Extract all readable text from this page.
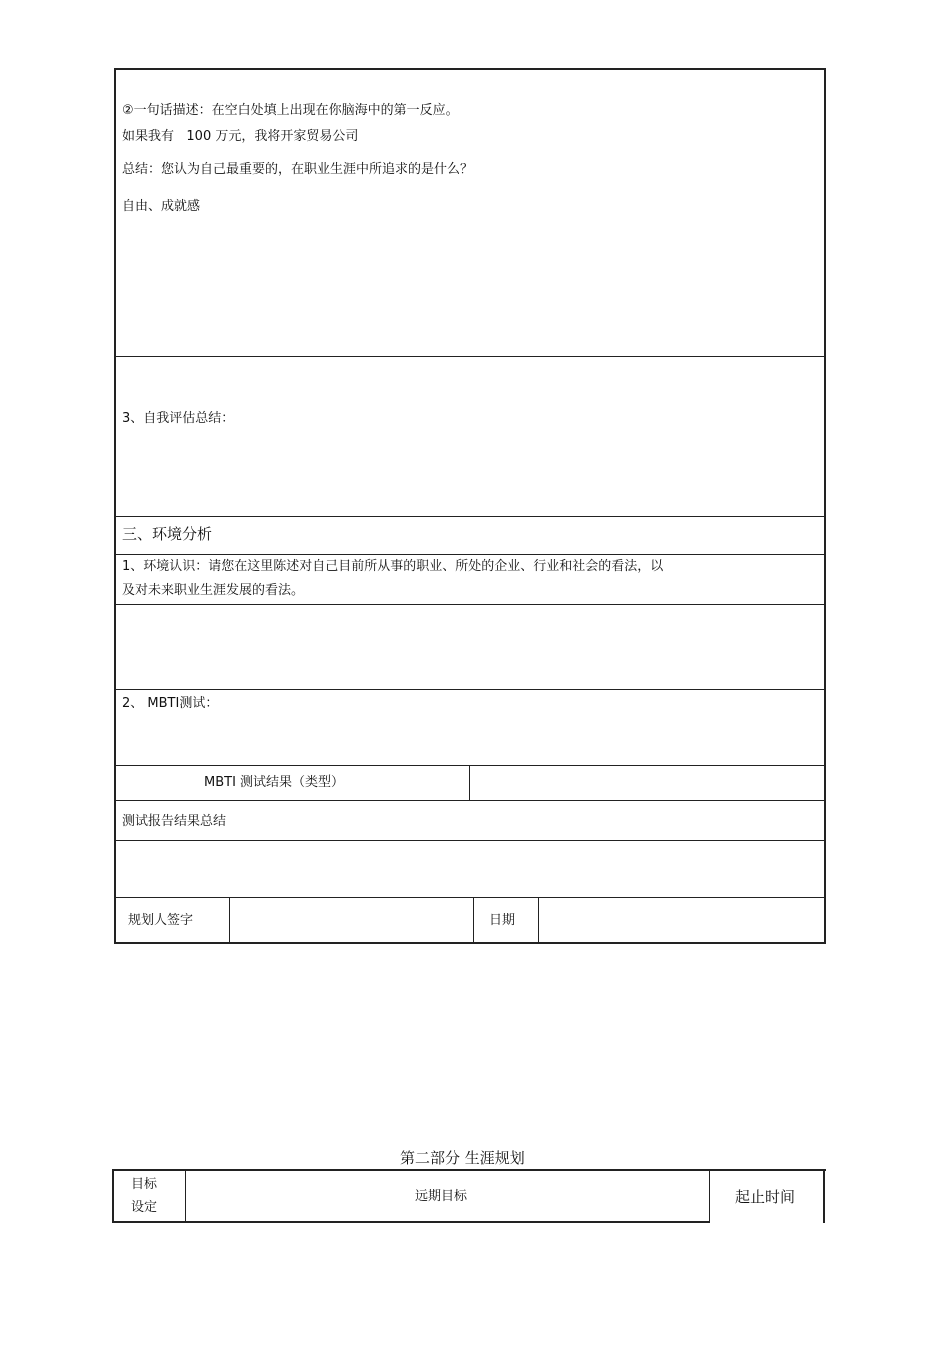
②一句话描述：在空白处填上出现在你脑海中的第一反应。
如果我有   100 万元，我将开家贸易公司
总结：您认为自己最重要的，在职业生涯中所追求的是什么？
自由、成就感
3、自我评估总结：
三、环境分析
1、环境认识：请您在这里陈述对自己目前所从事的职业、所处的企业、行业和社会的看法，以
及对未来职业生涯发展的看法。
2、 MBTI测试：
MBTI 测试结果（类型）
测试报告结果总结
规划人签字	日期
第二部分 生涯规划
目标
设定
远期目标	起止时间
